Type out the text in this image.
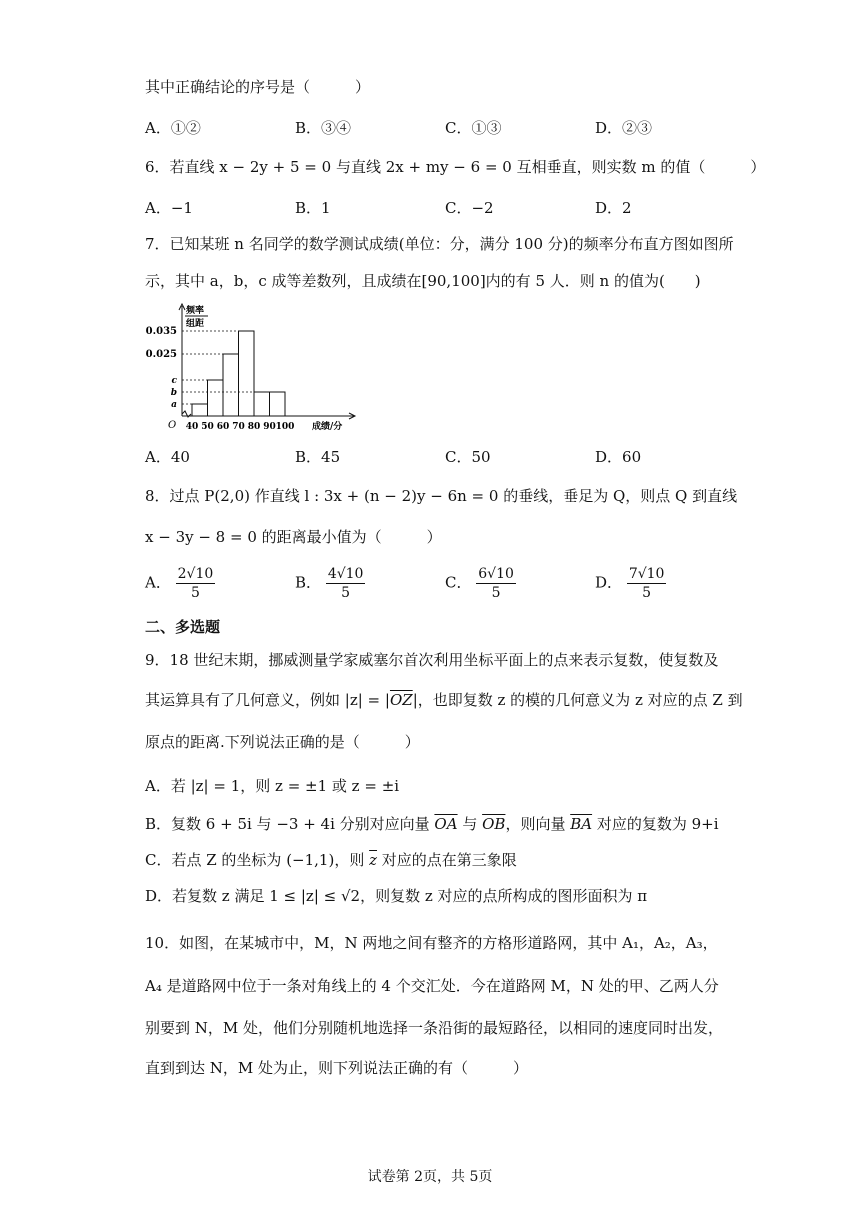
其中正确结论的序号是（　　　）
A．①②	B．③④	C．①③	D．②③
6．若直线 x − 2y + 5 = 0 与直线 2x + my − 6 = 0 互相垂直，则实数 m 的值（　　　）
A．−1	B．1	C．−2	D．2
7．已知某班 n 名同学的数学测试成绩(单位：分，满分 100 分)的频率分布直方图如图所
示，其中 a，b，c 成等差数列，且成绩在[90,100]内的有 5 人．则 n 的值为(　　)
频率
组距
O
0.035
0.025
c
b
a
40 50 60 70 80 90 100 成绩/分
A．40	B．45	C．50	D．60
8．过点 P(2,0) 作直线 l : 3x + (n − 2)y − 6n = 0 的垂线，垂足为 Q，则点 Q 到直线
x − 3y − 8 = 0 的距离最小值为（　　　）
A． $\frac{2√10}{5}$	B． $\frac{4√10}{5}$	C． $\frac{6√10}{5}$	D． $\frac{7√10}{5}$
二、多选题
9．18 世纪末期，挪威测量学家威塞尔首次利用坐标平面上的点来表示复数，使复数及
其运算具有了几何意义，例如 $|z| = |\overline{OZ}|$，也即复数 z 的模的几何意义为 z 对应的点 Z 到
原点的距离.下列说法正确的是（　　　）
A．若 |z| = 1，则 z = ±1 或 z = ±i
B．复数 6 + 5i 与 −3 + 4i 分别对应向量 $\overline{OA}$ 与 $\overline{OB}$，则向量 $\overline{BA}$ 对应的复数为 9+i
C．若点 Z 的坐标为 (−1,1)，则 $\overline{z}$ 对应的点在第三象限
D．若复数 z 满足 1 ≤ |z| ≤ √2，则复数 z 对应的点所构成的图形面积为 π
10．如图，在某城市中，M，N 两地之间有整齐的方格形道路网，其中 A₁，A₂，A₃，
A₄ 是道路网中位于一条对角线上的 4 个交汇处．今在道路网 M，N 处的甲、乙两人分
别要到 N，M 处，他们分别随机地选择一条沿街的最短路径，以相同的速度同时出发，
直到到达 N，M 处为止，则下列说法正确的有（　　　）
试卷第 2页，共 5页
